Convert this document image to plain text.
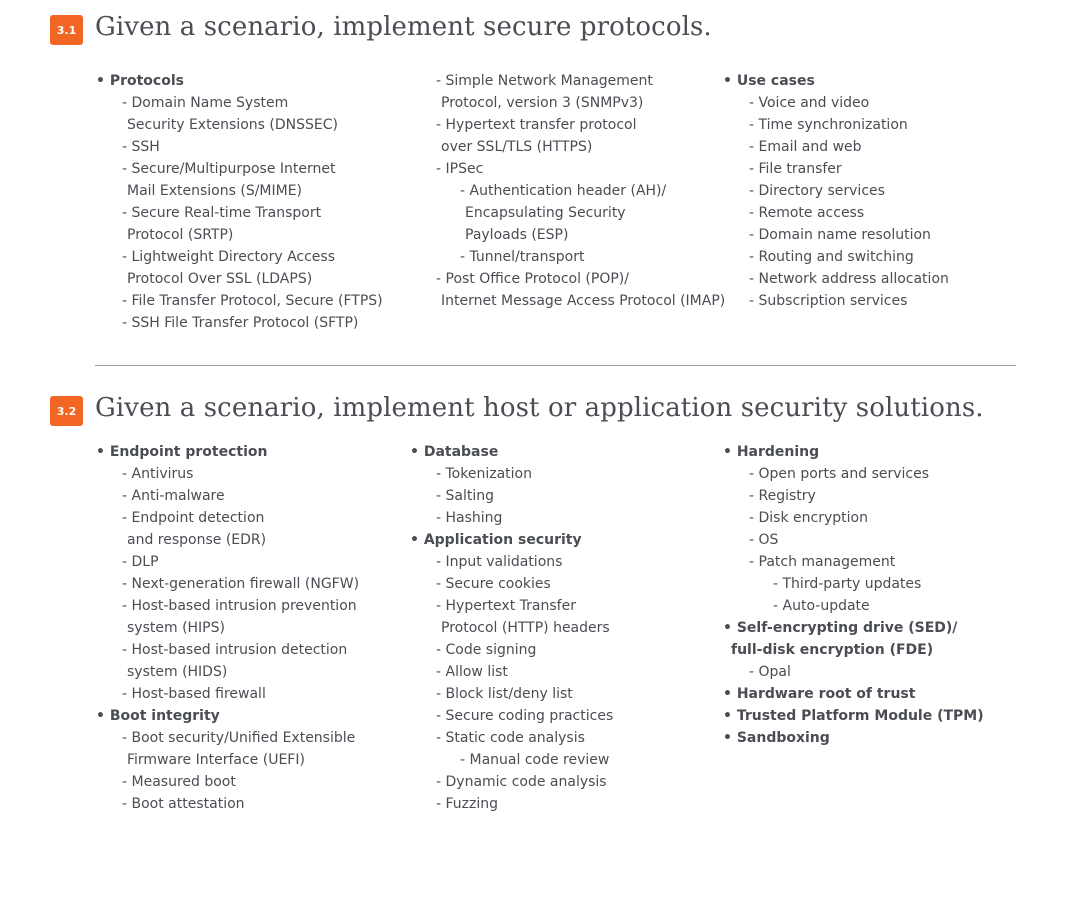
3.1 Given a scenario, implement secure protocols.
• Protocols
- Domain Name System
Security Extensions (DNSSEC)
- SSH
- Secure/Multipurpose Internet
Mail Extensions (S/MIME)
- Secure Real-time Transport
Protocol (SRTP)
- Lightweight Directory Access
Protocol Over SSL (LDAPS)
- File Transfer Protocol, Secure (FTPS)
- SSH File Transfer Protocol (SFTP)
- Simple Network Management
Protocol, version 3 (SNMPv3)
- Hypertext transfer protocol
over SSL/TLS (HTTPS)
- IPSec
- Authentication header (AH)/
Encapsulating Security
Payloads (ESP)
- Tunnel/transport
- Post Office Protocol (POP)/
Internet Message Access Protocol (IMAP)
• Use cases
- Voice and video
- Time synchronization
- Email and web
- File transfer
- Directory services
- Remote access
- Domain name resolution
- Routing and switching
- Network address allocation
- Subscription services
3.2 Given a scenario, implement host or application security solutions.
• Endpoint protection
- Antivirus
- Anti-malware
- Endpoint detection
and response (EDR)
- DLP
- Next-generation firewall (NGFW)
- Host-based intrusion prevention
system (HIPS)
- Host-based intrusion detection
system (HIDS)
- Host-based firewall
• Boot integrity
- Boot security/Unified Extensible
Firmware Interface (UEFI)
- Measured boot
- Boot attestation
• Database
- Tokenization
- Salting
- Hashing
• Application security
- Input validations
- Secure cookies
- Hypertext Transfer
Protocol (HTTP) headers
- Code signing
- Allow list
- Block list/deny list
- Secure coding practices
- Static code analysis
- Manual code review
- Dynamic code analysis
- Fuzzing
• Hardening
- Open ports and services
- Registry
- Disk encryption
- OS
- Patch management
- Third-party updates
- Auto-update
• Self-encrypting drive (SED)/
full-disk encryption (FDE)
- Opal
• Hardware root of trust
• Trusted Platform Module (TPM)
• Sandboxing
